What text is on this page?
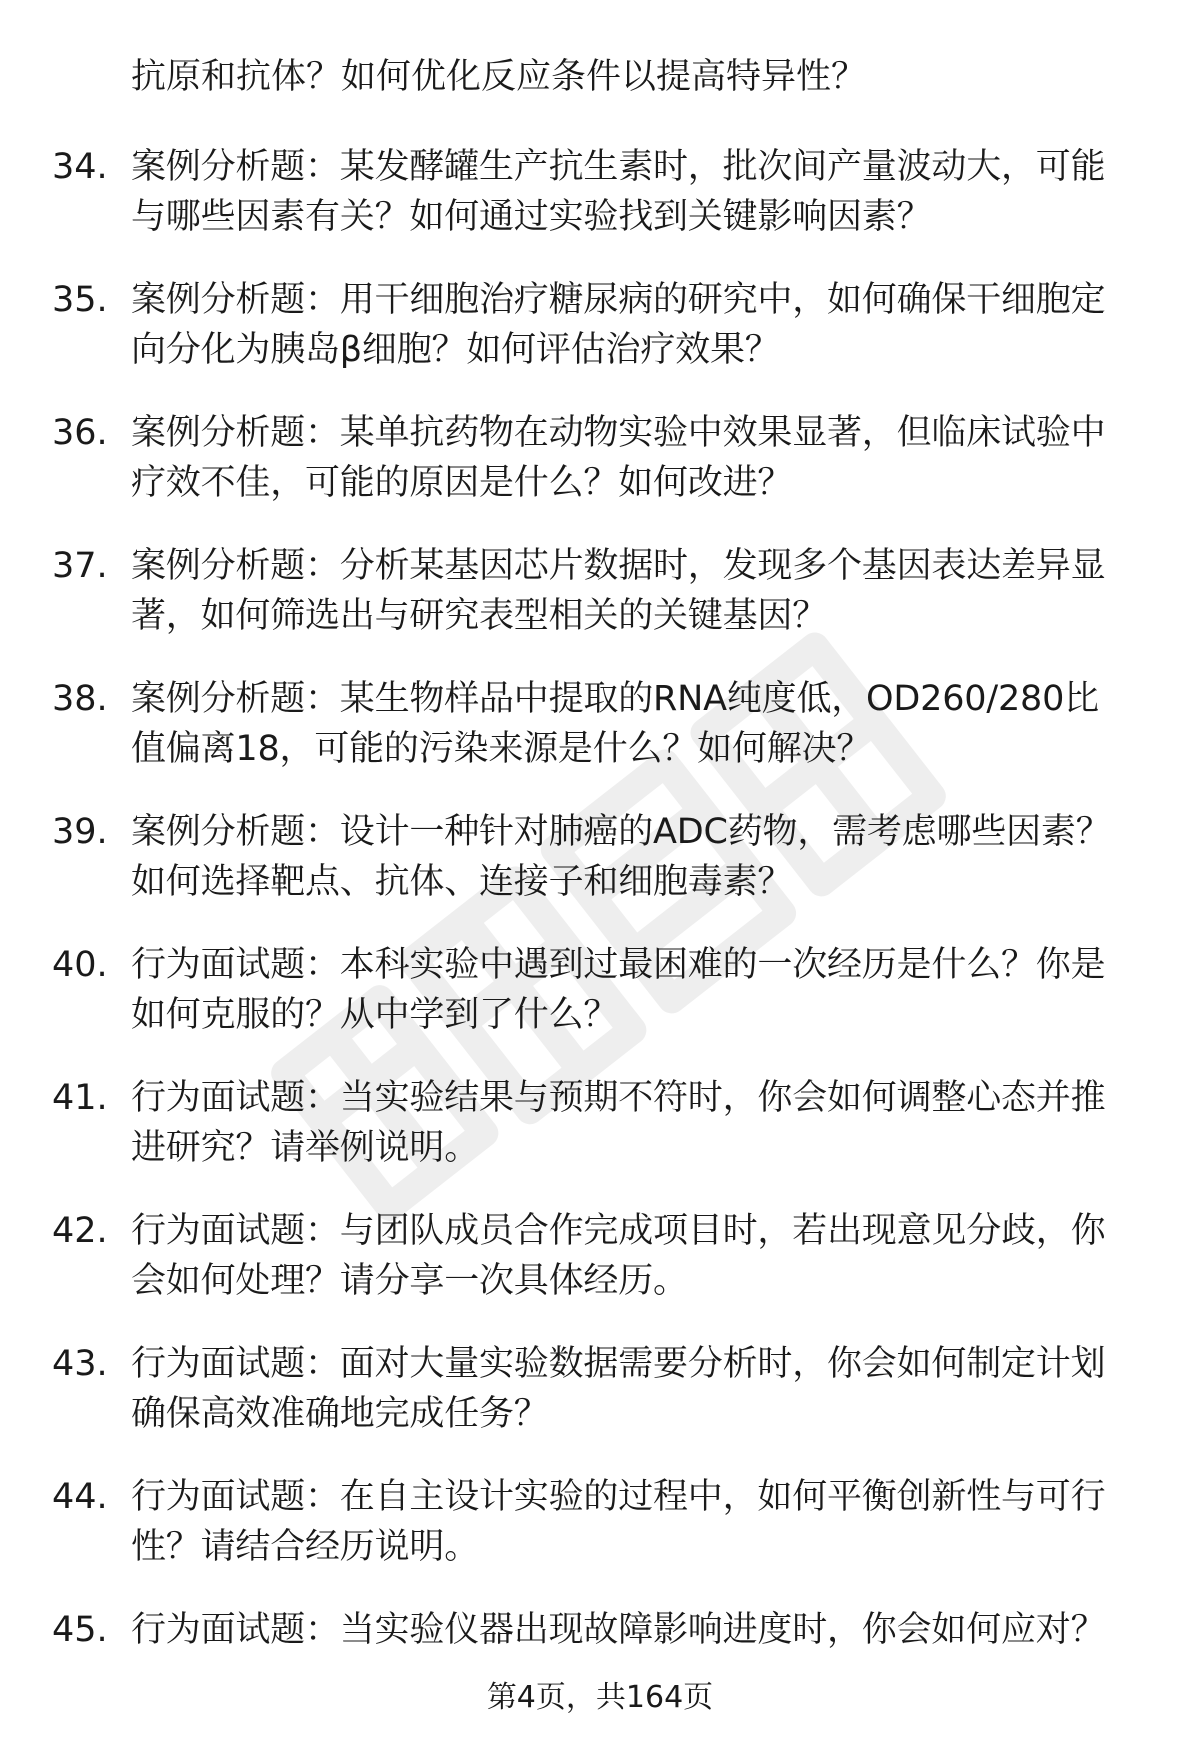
抗原和抗体？如何优化反应条件以提高特异性？
34. 案例分析题：某发酵罐生产抗生素时，批次间产量波动大，可能
与哪些因素有关？如何通过实验找到关键影响因素？
35. 案例分析题：用干细胞治疗糖尿病的研究中，如何确保干细胞定
向分化为胰岛β细胞？如何评估治疗效果？
36. 案例分析题：某单抗药物在动物实验中效果显著，但临床试验中
疗效不佳，可能的原因是什么？如何改进？
37. 案例分析题：分析某基因芯片数据时，发现多个基因表达差异显
著，如何筛选出与研究表型相关的关键基因？
38. 案例分析题：某生物样品中提取的RNA纯度低，OD260/280比
值偏离18，可能的污染来源是什么？如何解决？
39. 案例分析题：设计一种针对肺癌的ADC药物，需考虑哪些因素？
如何选择靶点、抗体、连接子和细胞毒素？
40. 行为面试题：本科实验中遇到过最困难的一次经历是什么？你是
如何克服的？从中学到了什么？
41. 行为面试题：当实验结果与预期不符时，你会如何调整心态并推
进研究？请举例说明。
42. 行为面试题：与团队成员合作完成项目时，若出现意见分歧，你
会如何处理？请分享一次具体经历。
43. 行为面试题：面对大量实验数据需要分析时，你会如何制定计划
确保高效准确地完成任务？
44. 行为面试题：在自主设计实验的过程中，如何平衡创新性与可行
性？请结合经历说明。
45. 行为面试题：当实验仪器出现故障影响进度时，你会如何应对？
第4页，共164页
